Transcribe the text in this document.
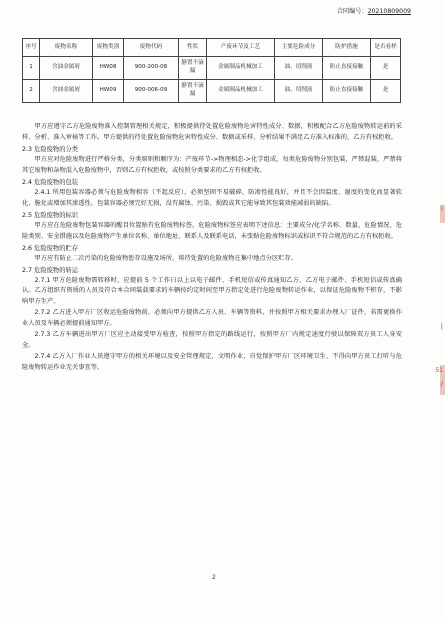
合同编号：20210809009
序号	废物名称	废物类别	废物代码	性状	产废环节及工艺	主要危险成分	防护措施	是否看样
1	含油金属屑	HW08	900-200-08	静置不滴漏	金属制品机械加工	油、切削液	防止直接接触	是
2	含油金属屑	HW09	900-006-09	静置不滴漏	金属制品机械加工	油、切削液	防止直接接触	是
甲方应遵守乙方危险废物准入控制管理相关规定，积极提供待处置危险废物危害特性成分、数据，积极配合乙方危险废物转运前的采样、分析、准入审核等工作。甲方提供的待处置危险废物危害特性成分、数据或采样、分析结果不满足乙方准入标准的，乙方有权拒收。
2.3 危险废物的分类
甲方应对危险废物进行严格分类，分类原则和顺序为：产废环节->物理相态->化学组成，每类危险废物分别包装，严禁混装，严禁将其它废物和杂物混入危险废物中，否则乙方有权拒收，或按照分类要求的乙方有权拒收。
2.4 危险废物的包装
2.4.1 所用包装容器必须与危险废物相容（不起反应），必须坚固不易破碎，防渗性能良好，并且不会因温度、湿度的变化而显著软化、脆化或增加其渗透性。包装容器必须完好无损，没有腐蚀、污染、损毁或其它能导致其包装效能减弱的缺陷。
2.5 危险废物的标识
甲方应在危险废物包装容器的醒目位置贴有危险废物标签，危险废物标签应表明下述信息：主要成分/化学名称、数量、危险情况、危险类别、安全措施以及危险废物产生单位名称、单位地址、联系人及联系电话，未张贴危险废物标识或标识不符合规范的乙方有权拒收。
2.6 危险废物的贮存
甲方应有防止二次污染的危险废物暂存设施及场所，将待处置的危险废物在集中地点分区贮存。
2.7 危险废物的转运
2.7.1 甲方危险废物需转移时，应提前 5 个工作日以上以电子邮件、手机短信或传真通知乙方，乙方电子邮件、手机短信或传真确认。乙方组织有资质的人员及符合本合同装载要求的车辆按约定时间至甲方指定处进行危险废物转运作业，以保证危险废物不积存，不影响甲方生产。
2.7.2 乙方进入甲方厂区收运危险废物前，必须向甲方提供乙方人员、车辆等资料，并按照甲方相关要求办理入厂证件，若需更换作业人员及车辆必须提前通知甲方。
2.7.3 乙方车辆进出甲方厂区应主动接受甲方检查，按照甲方指定的路线运行，按照甲方厂内规定速度行驶以保障双方员工人身安全。
2.7.4 乙方入厂作业人员遵守甲方的相关环境以及安全管理规定，文明作业，自觉保护甲方厂区环境卫生、不得向甲方员工打听与危险废物转运作业无关事宜等。
2
i
|
51
/
